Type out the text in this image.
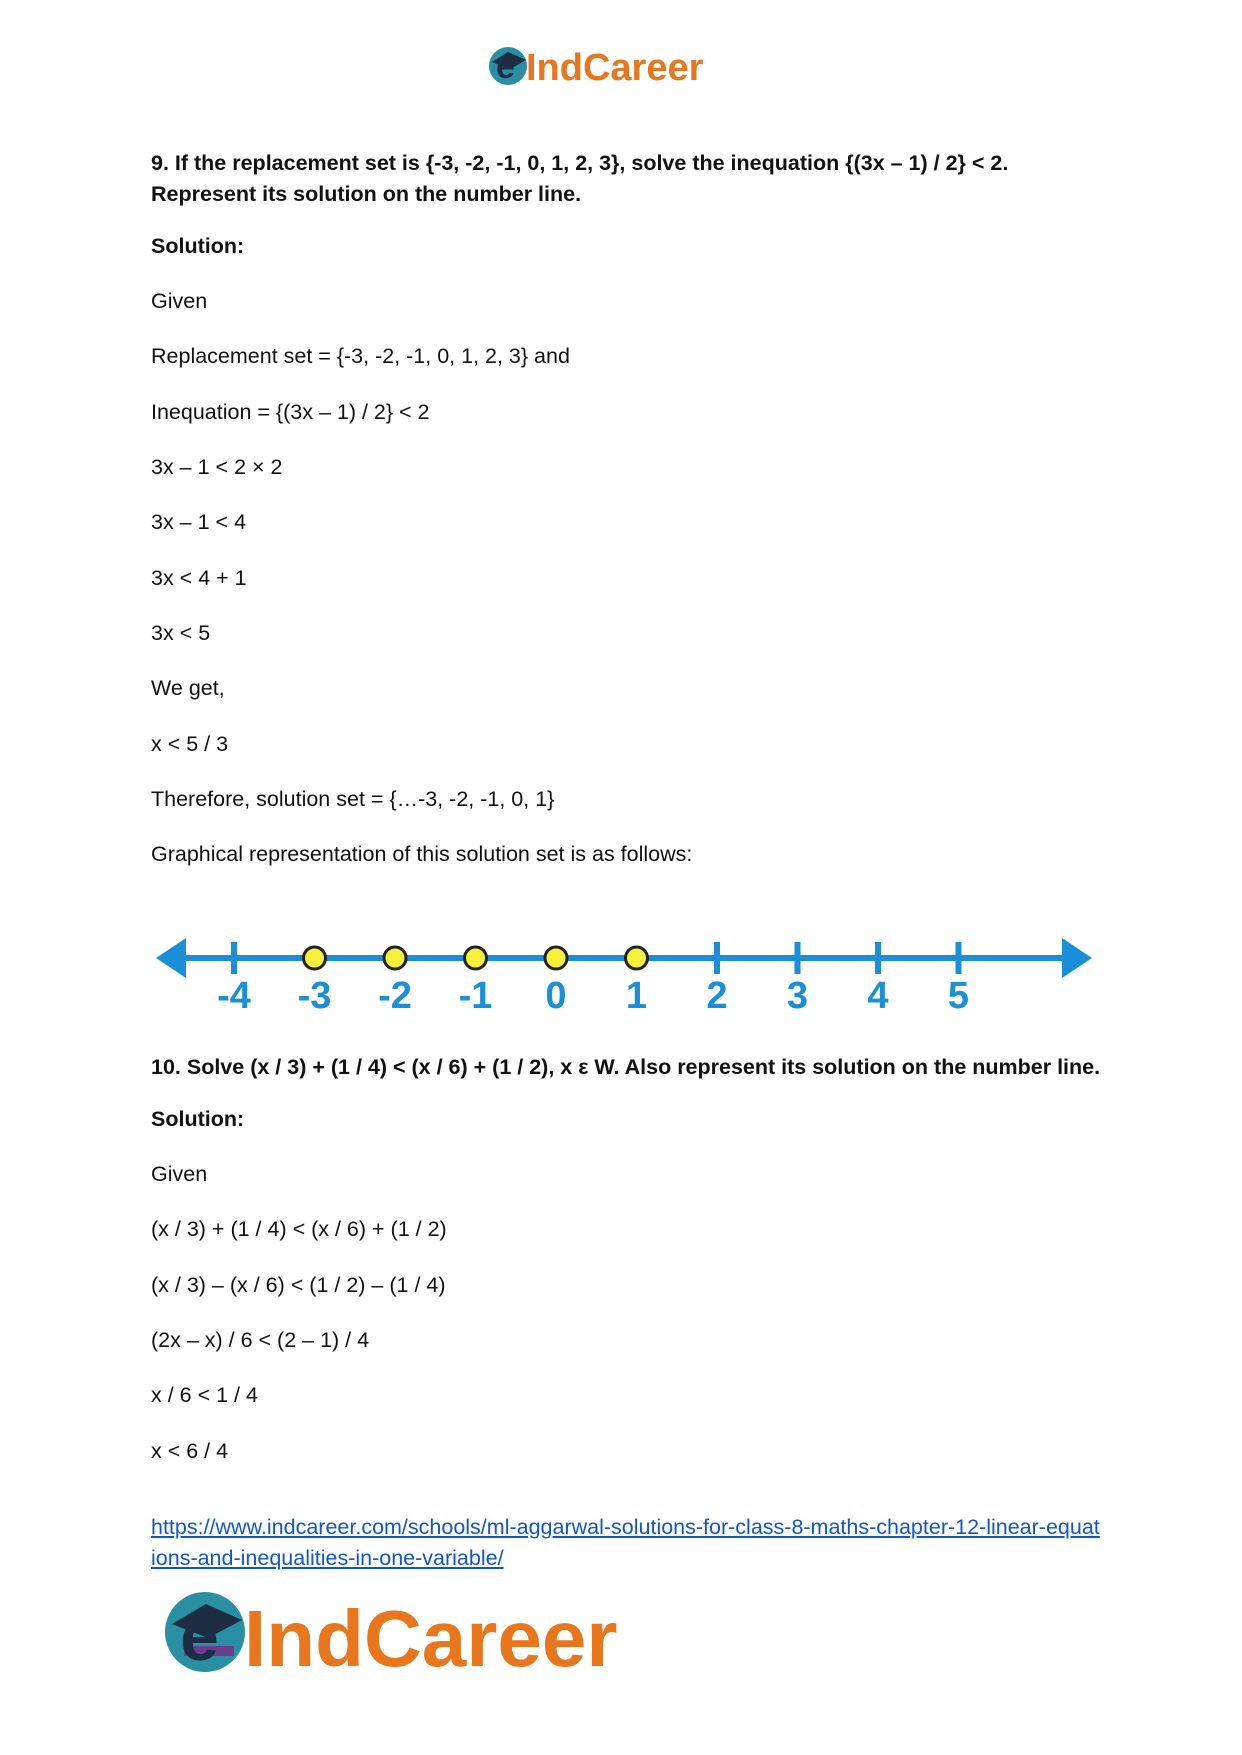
e IndCareer

9. If the replacement set is {-3, -2, -1, 0, 1, 2, 3}, solve the inequation {(3x – 1) / 2} < 2. Represent its solution on the number line.

Solution:

Given

Replacement set = {-3, -2, -1, 0, 1, 2, 3} and

Inequation = {(3x – 1) / 2} < 2

3x – 1 < 2 × 2

3x – 1 < 4

3x < 4 + 1

3x < 5

We get,

x < 5 / 3

Therefore, solution set = {…-3, -2, -1, 0, 1}

Graphical representation of this solution set is as follows:

10. Solve (x / 3) + (1 / 4) < (x / 6) + (1 / 2), x ε W. Also represent its solution on the number line.

Solution:

Given

(x / 3) + (1 / 4) < (x / 6) + (1 / 2)

(x / 3) – (x / 6) < (1 / 2) – (1 / 4)

(2x – x) / 6 < (2 – 1) / 4

x / 6 < 1 / 4

x < 6 / 4

-4 -3 -2 -1 0 1 2 3 4 5
https://www.indcareer.com/schools/ml-aggarwal-solutions-for-class-8-maths-chapter-12-linear-equations-and-inequalities-in-one-variable/
e IndCareer
